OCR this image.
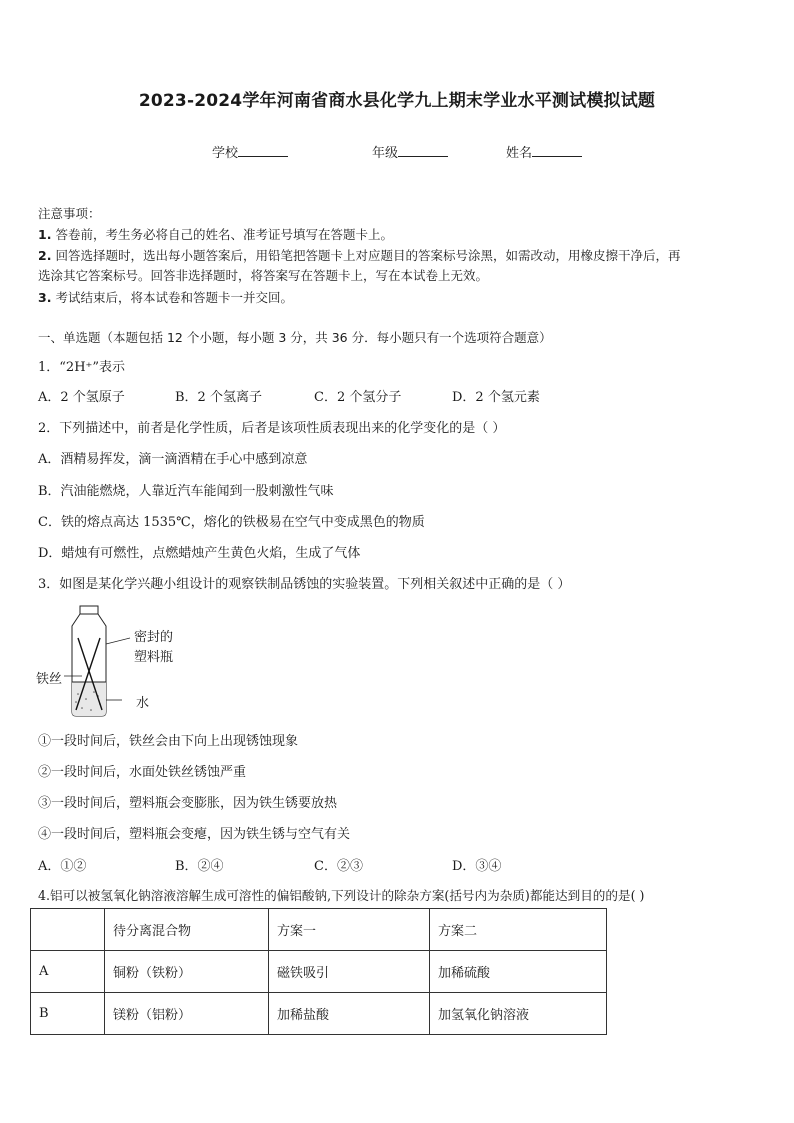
2023-2024学年河南省商水县化学九上期末学业水平测试模拟试题
学校	年级	姓名
注意事项：
1. 答卷前，考生务必将自己的姓名、准考证号填写在答题卡上。
2. 回答选择题时，选出每小题答案后，用铅笔把答题卡上对应题目的答案标号涂黑，如需改动，用橡皮擦干净后，再
选涂其它答案标号。回答非选择题时，将答案写在答题卡上，写在本试卷上无效。
3. 考试结束后，将本试卷和答题卡一并交回。
一、单选题（本题包括 12 个小题，每小题 3 分，共 36 分．每小题只有一个选项符合题意）
1．“2H⁺”表示
A．2 个氢原子	B．2 个氢离子	C．2 个氢分子	D．2 个氢元素
2．下列描述中，前者是化学性质，后者是该项性质表现出来的化学变化的是（ ）
A．酒精易挥发，滴一滴酒精在手心中感到凉意
B．汽油能燃烧，人靠近汽车能闻到一股刺激性气味
C．铁的熔点高达 1535℃，熔化的铁极易在空气中变成黑色的物质
D．蜡烛有可燃性，点燃蜡烛产生黄色火焰，生成了气体
3．如图是某化学兴趣小组设计的观察铁制品锈蚀的实验装置。下列相关叙述中正确的是（ ）
密封的
塑料瓶
铁丝
水
①一段时间后，铁丝会由下向上出现锈蚀现象
②一段时间后，水面处铁丝锈蚀严重
③一段时间后，塑料瓶会变膨胀，因为铁生锈要放热
④一段时间后，塑料瓶会变瘪，因为铁生锈与空气有关
A．①②	B．②④	C．②③	D．③④
4.铝可以被氢氧化钠溶液溶解生成可溶性的偏铝酸钠,下列设计的除杂方案(括号内为杂质)都能达到目的的是( )
	待分离混合物	方案一	方案二
A	铜粉（铁粉）	磁铁吸引	加稀硫酸
B	镁粉（铝粉）	加稀盐酸	加氢氧化钠溶液
